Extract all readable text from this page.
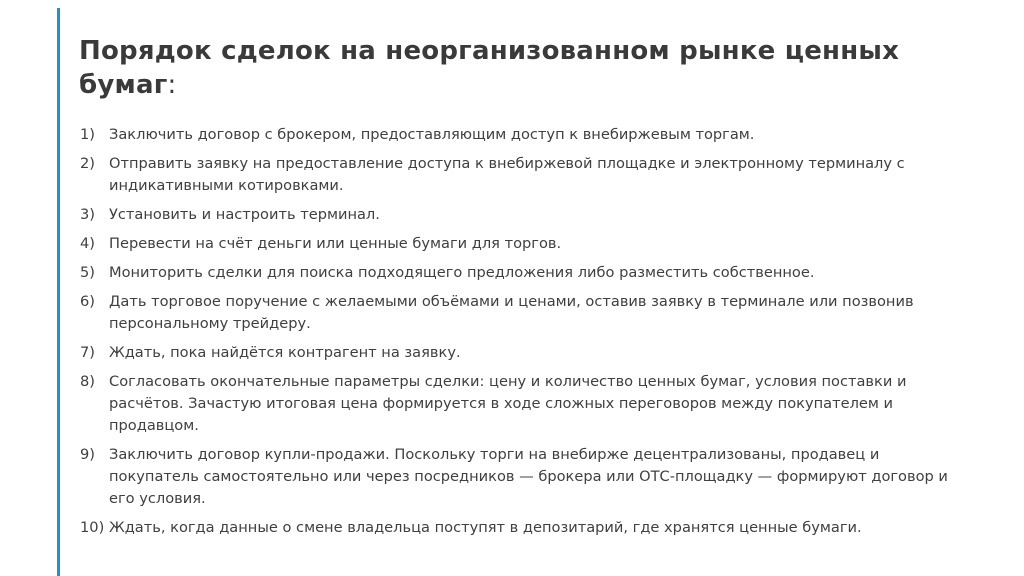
Порядок сделок на неорганизованном рынке ценных бумаг:
1) Заключить договор с брокером, предоставляющим доступ к внебиржевым торгам.
2) Отправить заявку на предоставление доступа к внебиржевой площадке и электронному терминалу с индикативными котировками.
3) Установить и настроить терминал.
4) Перевести на счёт деньги или ценные бумаги для торгов.
5) Мониторить сделки для поиска подходящего предложения либо разместить собственное.
6) Дать торговое поручение с желаемыми объёмами и ценами, оставив заявку в терминале или позвонив персональному трейдеру.
7) Ждать, пока найдётся контрагент на заявку.
8) Согласовать окончательные параметры сделки: цену и количество ценных бумаг, условия поставки и расчётов. Зачастую итоговая цена формируется в ходе сложных переговоров между покупателем и продавцом.
9) Заключить договор купли-продажи. Поскольку торги на внебирже децентрализованы, продавец и покупатель самостоятельно или через посредников — брокера или ОТС-площадку — формируют договор и его условия.
10) Ждать, когда данные о смене владельца поступят в депозитарий, где хранятся ценные бумаги.
